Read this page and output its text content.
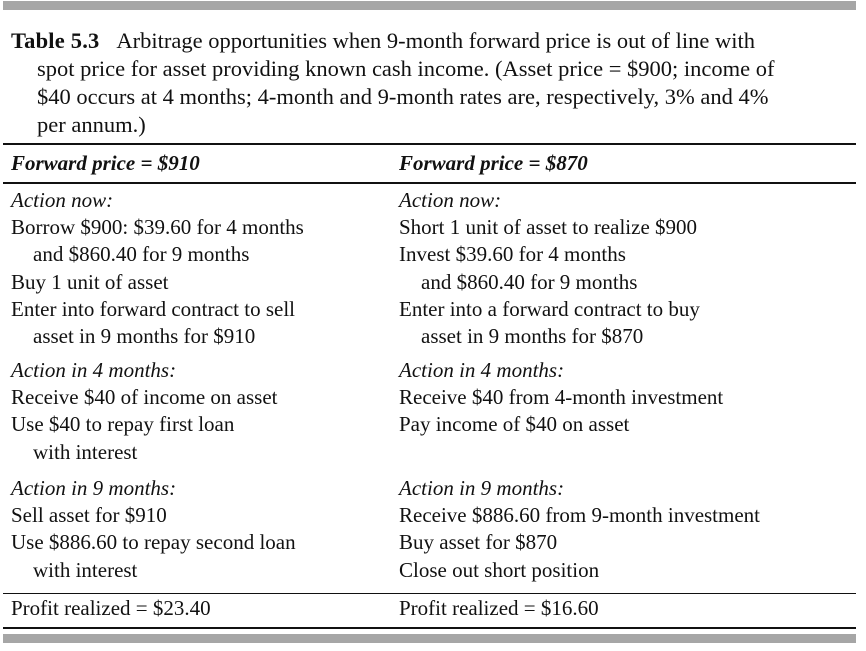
Table 5.3 Arbitrage opportunities when 9-month forward price is out of line with
spot price for asset providing known cash income. (Asset price = $900; income of
$40 occurs at 4 months; 4-month and 9-month rates are, respectively, 3% and 4%
per annum.)
Forward price = $910	Forward price = $870
Action now:
Borrow $900: $39.60 for 4 months
and $860.40 for 9 months
Buy 1 unit of asset
Enter into forward contract to sell
asset in 9 months for $910
Action in 4 months:
Receive $40 of income on asset
Use $40 to repay first loan
with interest
Action in 9 months:
Sell asset for $910
Use $886.60 to repay second loan
with interest
Action now:
Short 1 unit of asset to realize $900
Invest $39.60 for 4 months
and $860.40 for 9 months
Enter into a forward contract to buy
asset in 9 months for $870
Action in 4 months:
Receive $40 from 4-month investment
Pay income of $40 on asset
Action in 9 months:
Receive $886.60 from 9-month investment
Buy asset for $870
Close out short position
Profit realized = $23.40	Profit realized = $16.60
